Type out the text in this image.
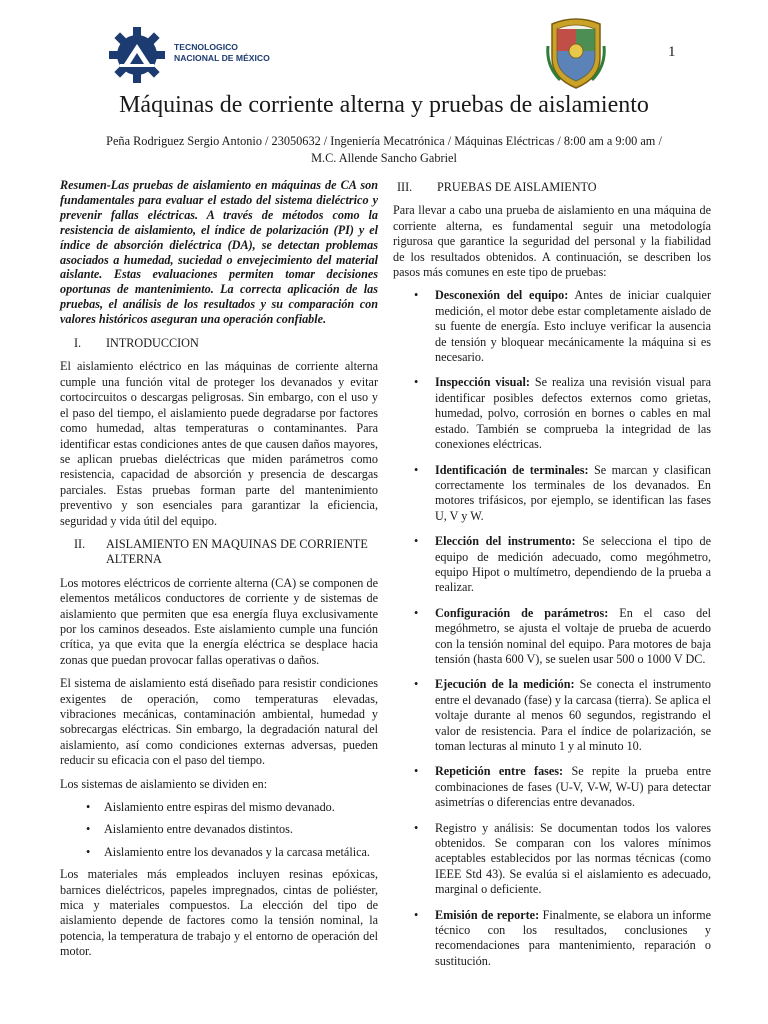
TECNOLOGICO
NACIONAL DE MÉXICO	1
Máquinas de corriente alterna y pruebas de aislamiento
Peña Rodriguez Sergio Antonio / 23050632 / Ingeniería Mecatrónica / Máquinas Eléctricas / 8:00 am a 9:00 am /
M.C. Allende Sancho Gabriel

Resumen-Las pruebas de aislamiento en máquinas de CA son fundamentales para evaluar el estado del sistema dieléctrico y prevenir fallas eléctricas. A través de métodos como la resistencia de aislamiento, el índice de polarización (PI) y el índice de absorción dieléctrica (DA), se detectan problemas asociados a humedad, suciedad o envejecimiento del material aislante. Estas evaluaciones permiten tomar decisiones oportunas de mantenimiento. La correcta aplicación de las pruebas, el análisis de los resultados y su comparación con valores históricos aseguran una operación confiable.

I.	INTRODUCCION

El aislamiento eléctrico en las máquinas de corriente alterna cumple una función vital de proteger los devanados y evitar cortocircuitos o descargas peligrosas. Sin embargo, con el uso y el paso del tiempo, el aislamiento puede degradarse por factores como humedad, altas temperaturas o contaminantes. Para identificar estas condiciones antes de que causen daños mayores, se aplican pruebas dieléctricas que miden parámetros como resistencia, capacidad de absorción y presencia de descargas parciales. Estas pruebas forman parte del mantenimiento preventivo y son esenciales para garantizar la eficiencia, seguridad y vida útil del equipo.

II.	AISLAMIENTO EN MAQUINAS DE CORRIENTE ALTERNA

Los motores eléctricos de corriente alterna (CA) se componen de elementos metálicos conductores de corriente y de sistemas de aislamiento que permiten que esa energía fluya exclusivamente por los caminos deseados. Este aislamiento cumple una función crítica, ya que evita que la energía eléctrica se desplace hacia zonas que puedan provocar fallas operativas o daños.

El sistema de aislamiento está diseñado para resistir condiciones exigentes de operación, como temperaturas elevadas, vibraciones mecánicas, contaminación ambiental, humedad y sobrecargas eléctricas. Sin embargo, la degradación natural del aislamiento, así como condiciones externas adversas, pueden reducir su eficacia con el paso del tiempo.

Los sistemas de aislamiento se dividen en:

• Aislamiento entre espiras del mismo devanado.
• Aislamiento entre devanados distintos.
• Aislamiento entre los devanados y la carcasa metálica.

Los materiales más empleados incluyen resinas epóxicas, barnices dieléctricos, papeles impregnados, cintas de poliéster, mica y materiales compuestos. La elección del tipo de aislamiento depende de factores como la tensión nominal, la potencia, la temperatura de trabajo y el entorno de operación del motor.

III.	PRUEBAS DE AISLAMIENTO

Para llevar a cabo una prueba de aislamiento en una máquina de corriente alterna, es fundamental seguir una metodología rigurosa que garantice la seguridad del personal y la fiabilidad de los resultados obtenidos. A continuación, se describen los pasos más comunes en este tipo de pruebas:

• Desconexión del equipo: Antes de iniciar cualquier medición, el motor debe estar completamente aislado de su fuente de energía. Esto incluye verificar la ausencia de tensión y bloquear mecánicamente la máquina si es necesario.
• Inspección visual: Se realiza una revisión visual para identificar posibles defectos externos como grietas, humedad, polvo, corrosión en bornes o cables en mal estado. También se comprueba la integridad de las conexiones eléctricas.
• Identificación de terminales: Se marcan y clasifican correctamente los terminales de los devanados. En motores trifásicos, por ejemplo, se identifican las fases U, V y W.
• Elección del instrumento: Se selecciona el tipo de equipo de medición adecuado, como megóhmetro, equipo Hipot o multímetro, dependiendo de la prueba a realizar.
• Configuración de parámetros: En el caso del megóhmetro, se ajusta el voltaje de prueba de acuerdo con la tensión nominal del equipo. Para motores de baja tensión (hasta 600 V), se suelen usar 500 o 1000 V DC.
• Ejecución de la medición: Se conecta el instrumento entre el devanado (fase) y la carcasa (tierra). Se aplica el voltaje durante al menos 60 segundos, registrando el valor de resistencia. Para el índice de polarización, se toman lecturas al minuto 1 y al minuto 10.
• Repetición entre fases: Se repite la prueba entre combinaciones de fases (U-V, V-W, W-U) para detectar asimetrías o diferencias entre devanados.
• Registro y análisis: Se documentan todos los valores obtenidos. Se comparan con los valores mínimos aceptables establecidos por las normas técnicas (como IEEE Std 43). Se evalúa si el aislamiento es adecuado, marginal o deficiente.
• Emisión de reporte: Finalmente, se elabora un informe técnico con los resultados, conclusiones y recomendaciones para mantenimiento, reparación o sustitución.
